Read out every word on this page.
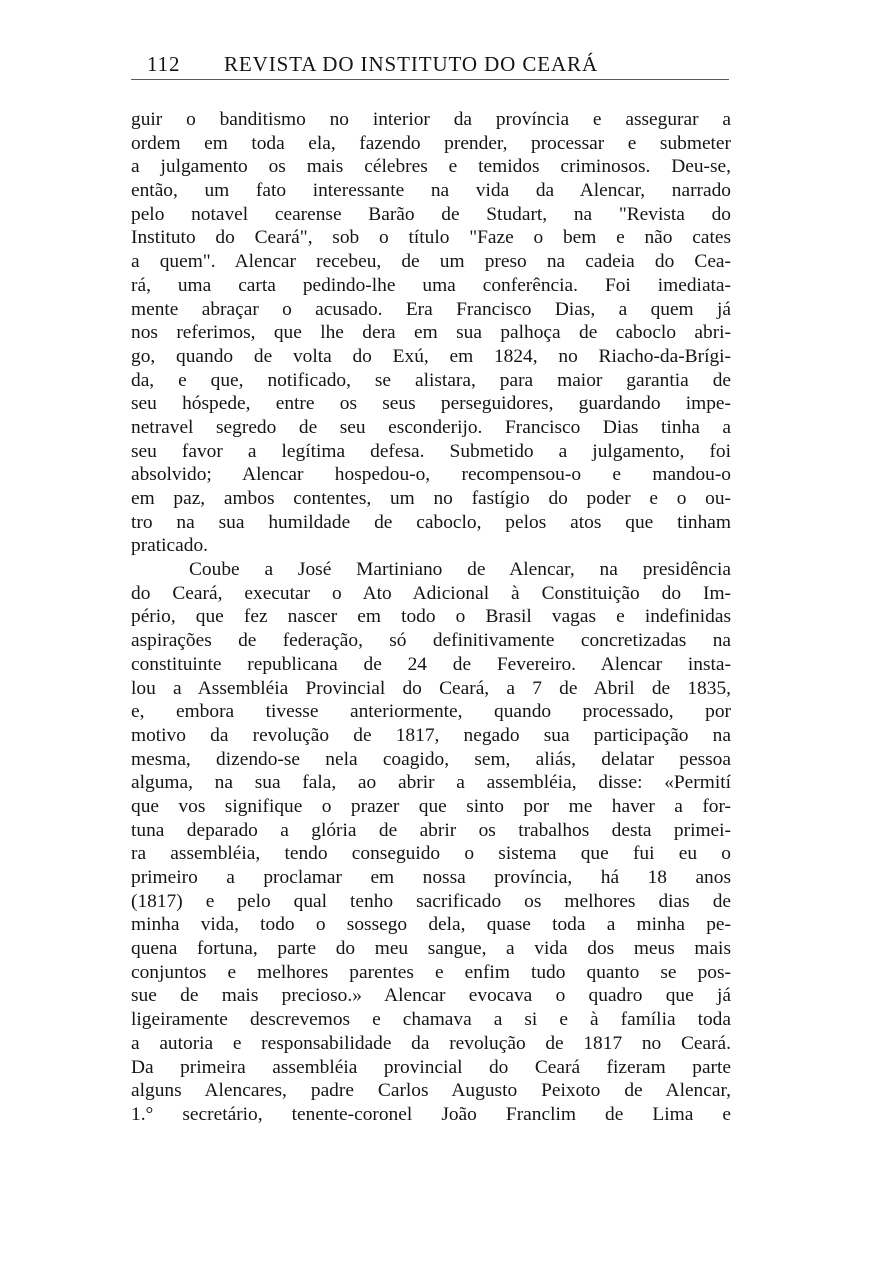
112 REVISTA DO INSTITUTO DO CEARÁ
guir o banditismo no interior da província e assegurar a
ordem em toda ela, fazendo prender, processar e submeter
a julgamento os mais célebres e temidos criminosos. Deu-se,
então, um fato interessante na vida da Alencar, narrado
pelo notavel cearense Barão de Studart, na "Revista do
Instituto do Ceará", sob o título "Faze o bem e não cates
a quem". Alencar recebeu, de um preso na cadeia do Cea-
rá, uma carta pedindo-lhe uma conferência. Foi imediata-
mente abraçar o acusado. Era Francisco Dias, a quem já
nos referimos, que lhe dera em sua palhoça de caboclo abri-
go, quando de volta do Exú, em 1824, no Riacho-da-Brígi-
da, e que, notificado, se alistara, para maior garantia de
seu hóspede, entre os seus perseguidores, guardando impe-
netravel segredo de seu esconderijo. Francisco Dias tinha a
seu favor a legítima defesa. Submetido a julgamento, foi
absolvido; Alencar hospedou-o, recompensou-o e mandou-o
em paz, ambos contentes, um no fastígio do poder e o ou-
tro na sua humildade de caboclo, pelos atos que tinham
praticado.
Coube a José Martiniano de Alencar, na presidência
do Ceará, executar o Ato Adicional à Constituição do Im-
pério, que fez nascer em todo o Brasil vagas e indefinidas
aspirações de federação, só definitivamente concretizadas na
constituinte republicana de 24 de Fevereiro. Alencar insta-
lou a Assembléia Provincial do Ceará, a 7 de Abril de 1835,
e, embora tivesse anteriormente, quando processado, por
motivo da revolução de 1817, negado sua participação na
mesma, dizendo-se nela coagido, sem, aliás, delatar pessoa
alguma, na sua fala, ao abrir a assembléia, disse: «Permití
que vos signifique o prazer que sinto por me haver a for-
tuna deparado a glória de abrir os trabalhos desta primei-
ra assembléia, tendo conseguido o sistema que fui eu o
primeiro a proclamar em nossa província, há 18 anos
(1817) e pelo qual tenho sacrificado os melhores dias de
minha vida, todo o sossego dela, quase toda a minha pe-
quena fortuna, parte do meu sangue, a vida dos meus mais
conjuntos e melhores parentes e enfim tudo quanto se pos-
sue de mais precioso.» Alencar evocava o quadro que já
ligeiramente descrevemos e chamava a si e à família toda
a autoria e responsabilidade da revolução de 1817 no Ceará.
Da primeira assembléia provincial do Ceará fizeram parte
alguns Alencares, padre Carlos Augusto Peixoto de Alencar,
1.° secretário, tenente-coronel João Franclim de Lima e
